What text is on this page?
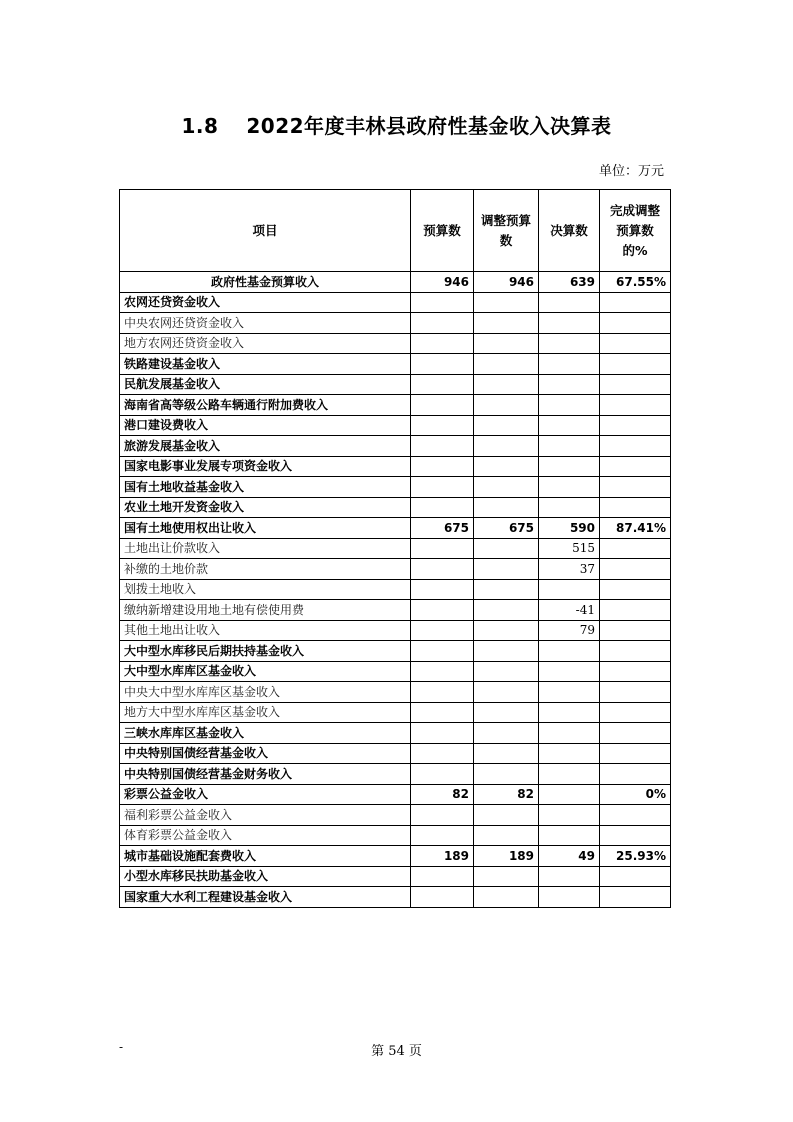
1.8 2022年度丰林县政府性基金收入决算表
单位：万元
项目	预算数	调整预算数	决算数	完成调整预算数的%
政府性基金预算收入	946	946	639	67.55%
农网还贷资金收入				
中央农网还贷资金收入				
地方农网还贷资金收入				
铁路建设基金收入				
民航发展基金收入				
海南省高等级公路车辆通行附加费收入				
港口建设费收入				
旅游发展基金收入				
国家电影事业发展专项资金收入				
国有土地收益基金收入				
农业土地开发资金收入				
国有土地使用权出让收入	675	675	590	87.41%
土地出让价款收入			515	
补缴的土地价款			37	
划拨土地收入				
缴纳新增建设用地土地有偿使用费			-41	
其他土地出让收入			79	
大中型水库移民后期扶持基金收入				
大中型水库库区基金收入				
中央大中型水库库区基金收入				
地方大中型水库库区基金收入				
三峡水库库区基金收入				
中央特别国债经营基金收入				
中央特别国债经营基金财务收入				
彩票公益金收入	82	82		0%
福利彩票公益金收入				
体育彩票公益金收入				
城市基础设施配套费收入	189	189	49	25.93%
小型水库移民扶助基金收入				
国家重大水利工程建设基金收入				
-	第 54 页
